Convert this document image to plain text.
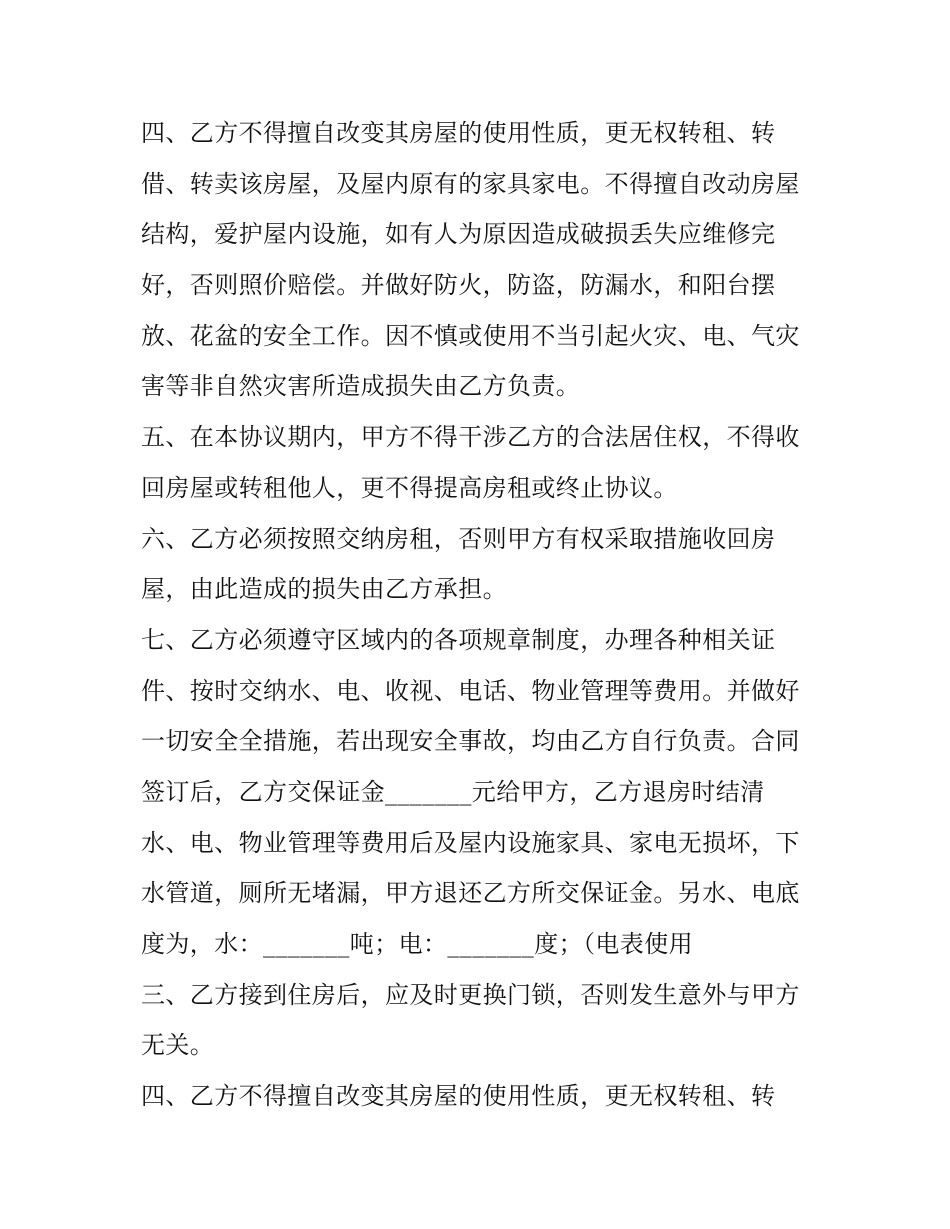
四、乙方不得擅自改变其房屋的使用性质，更无权转租、转
借、转卖该房屋，及屋内原有的家具家电。不得擅自改动房屋
结构，爱护屋内设施，如有人为原因造成破损丢失应维修完
好，否则照价赔偿。并做好防火，防盗，防漏水，和阳台摆
放、花盆的安全工作。因不慎或使用不当引起火灾、电、气灾
害等非自然灾害所造成损失由乙方负责。
五、在本协议期内，甲方不得干涉乙方的合法居住权，不得收
回房屋或转租他人，更不得提高房租或终止协议。
六、乙方必须按照交纳房租，否则甲方有权采取措施收回房
屋，由此造成的损失由乙方承担。
七、乙方必须遵守区域内的各项规章制度，办理各种相关证
件、按时交纳水、电、收视、电话、物业管理等费用。并做好
一切安全全措施，若出现安全事故，均由乙方自行负责。合同
签订后，乙方交保证金_______元给甲方，乙方退房时结清
水、电、物业管理等费用后及屋内设施家具、家电无损坏，下
水管道，厕所无堵漏，甲方退还乙方所交保证金。另水、电底
度为，水：_______吨；电：_______度；（电表使用
三、乙方接到住房后，应及时更换门锁，否则发生意外与甲方
无关。
四、乙方不得擅自改变其房屋的使用性质，更无权转租、转
